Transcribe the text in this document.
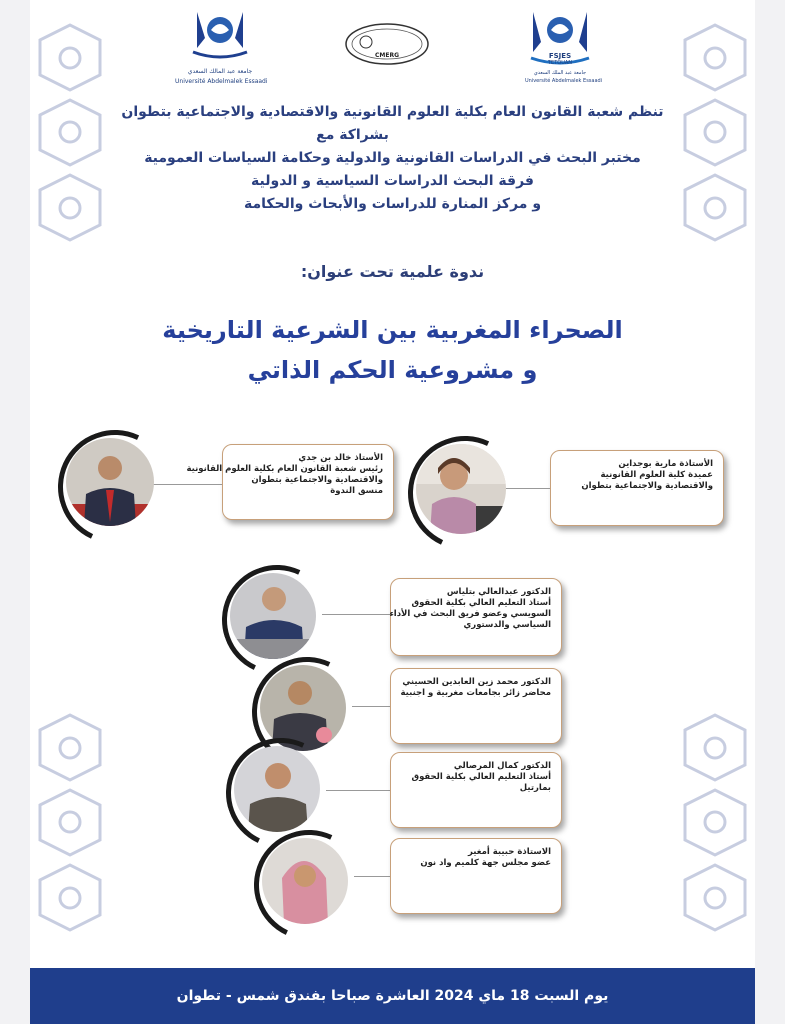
جامعة عبد المالك السعدي
Université Abdelmalek Essaadi
CMERG	FSJES
TETOUAN
جامعة عبد الملك السعدي
Université Abdelmalek Essaadi
تنظم شعبة القانون العام بكلية العلوم القانونية والاقتصادية والاجتماعية بتطوان
بشراكة مع
مختبر البحث في الدراسات القانونية والدولية وحكامة السياسات العمومية
فرقة البحث الدراسات السياسية و الدولية
و مركز المنارة للدراسات والأبحاث والحكامة
ندوة علمية تحت عنوان:
الصحراء المغربية بين الشرعية التاريخية
و مشروعية الحكم الذاتي
الأستاذة مارية بوجداين
عميدة كلية العلوم القانونية
والاقتصادية والاجتماعية بتطوان
الأستاذ خالد بن جدي
رئيس شعبة القانون العام بكلية العلوم القانونية
والاقتصادية والاجتماعية بتطوان
منسق الندوة
الدكتور عبدالعالي بتلياس
أستاذ التعليم العالي بكلية الحقوق
السويسي وعضو فريق البحث في الأداء
السياسي والدستوري
الدكتور محمد زين العابدين الحسيني
محاضر زائر بجامعات مغربية و اجنبية
الدكتور كمال المرصالي
أستاذ التعليم العالي بكلية الحقوق
بمارتيل
الاستاذة حبيبة أمغير
عضو مجلس جهة كلميم واد نون
يوم السبت 18 ماي 2024 العاشرة صباحا بفندق شمس - تطوان
